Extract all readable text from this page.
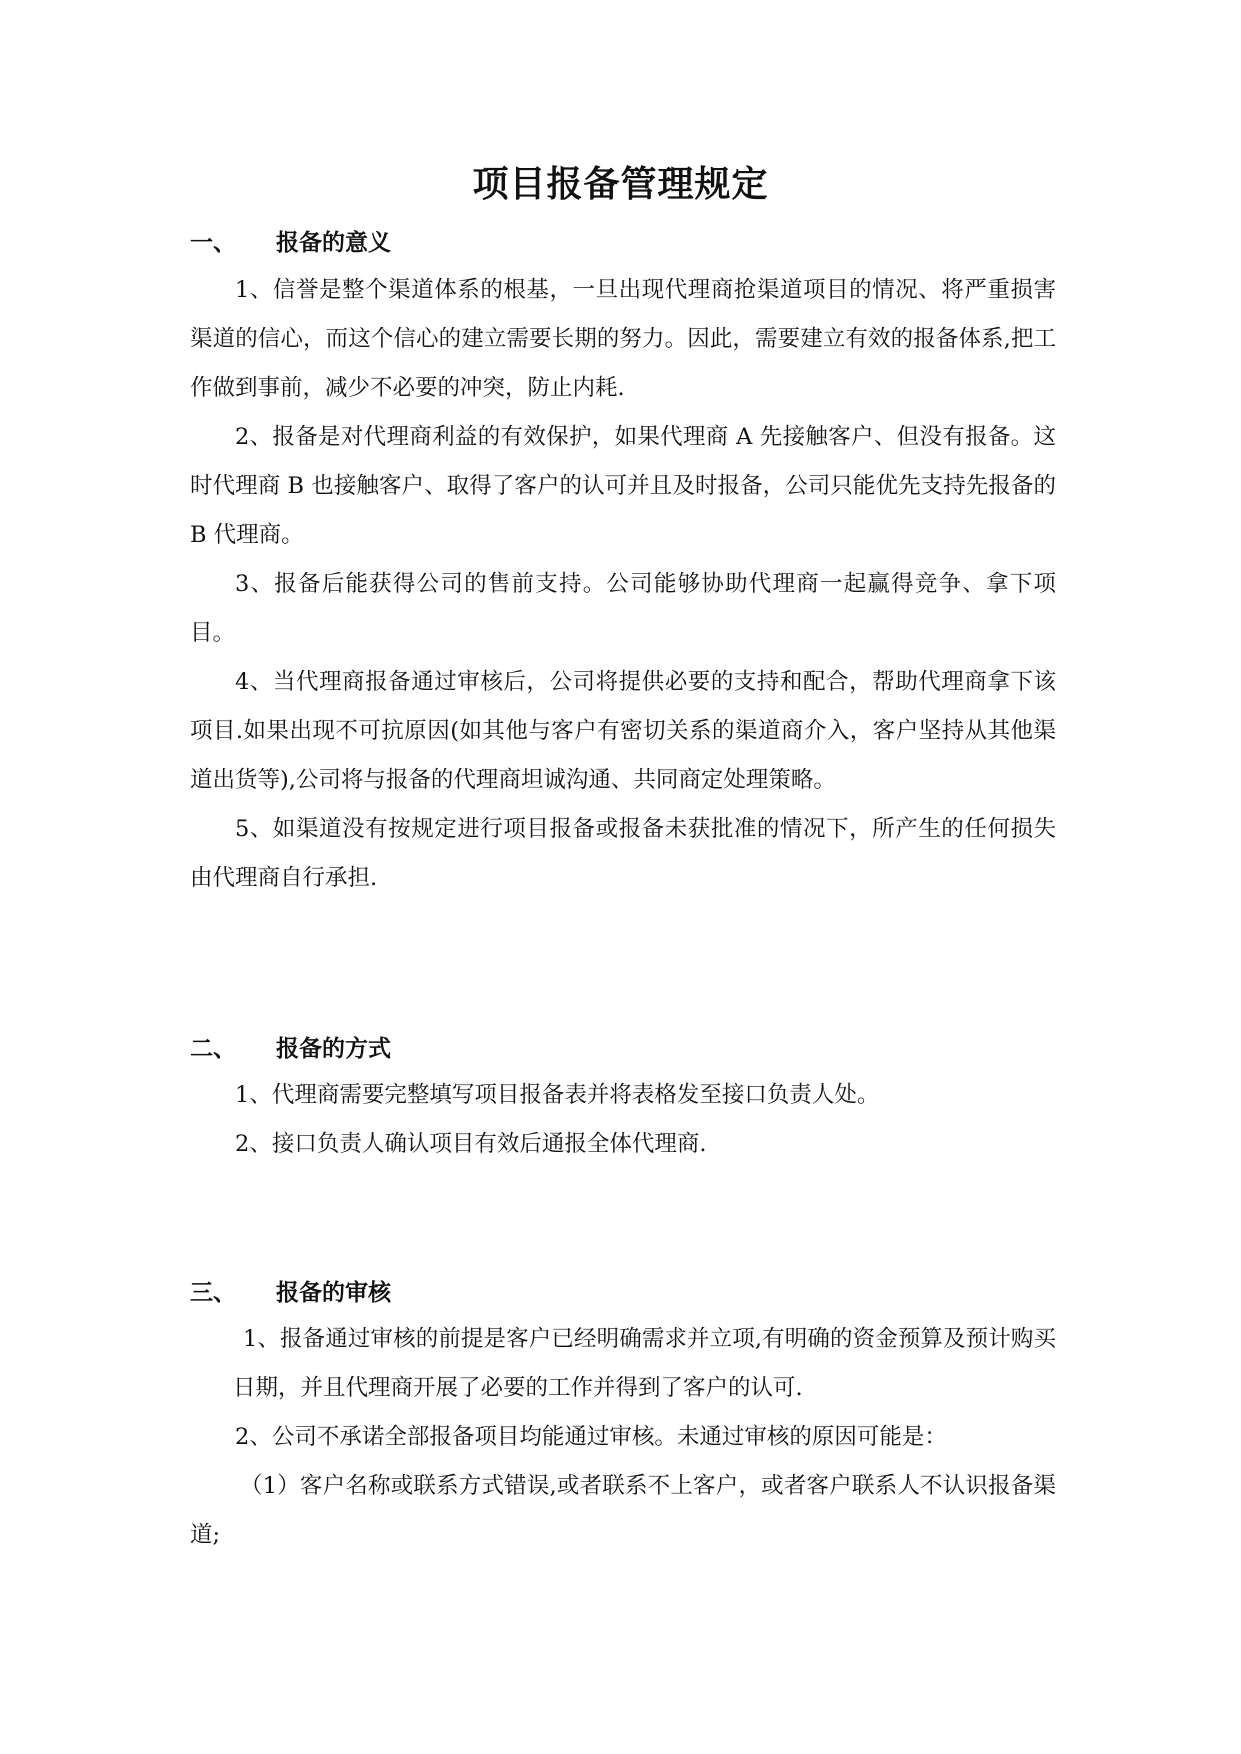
项目报备管理规定
一、 报备的意义

1、信誉是整个渠道体系的根基，一旦出现代理商抢渠道项目的情况、将严重损害渠道的信心，而这个信心的建立需要长期的努力。因此，需要建立有效的报备体系,把工作做到事前，减少不必要的冲突，防止内耗.

2、报备是对代理商利益的有效保护，如果代理商 A 先接触客户、但没有报备。这时代理商 B 也接触客户、取得了客户的认可并且及时报备，公司只能优先支持先报备的 B 代理商。

3、报备后能获得公司的售前支持。公司能够协助代理商一起赢得竞争、拿下项目。

4、当代理商报备通过审核后，公司将提供必要的支持和配合，帮助代理商拿下该项目.如果出现不可抗原因(如其他与客户有密切关系的渠道商介入，客户坚持从其他渠道出货等),公司将与报备的代理商坦诚沟通、共同商定处理策略。

5、如渠道没有按规定进行项目报备或报备未获批准的情况下，所产生的任何损失由代理商自行承担.

二、 报备的方式

1、代理商需要完整填写项目报备表并将表格发至接口负责人处。

2、接口负责人确认项目有效后通报全体代理商.

三、 报备的审核

1、报备通过审核的前提是客户已经明确需求并立项,有明确的资金预算及预计购买日期，并且代理商开展了必要的工作并得到了客户的认可.

2、公司不承诺全部报备项目均能通过审核。未通过审核的原因可能是：

（1）客户名称或联系方式错误,或者联系不上客户，或者客户联系人不认识报备渠道;
